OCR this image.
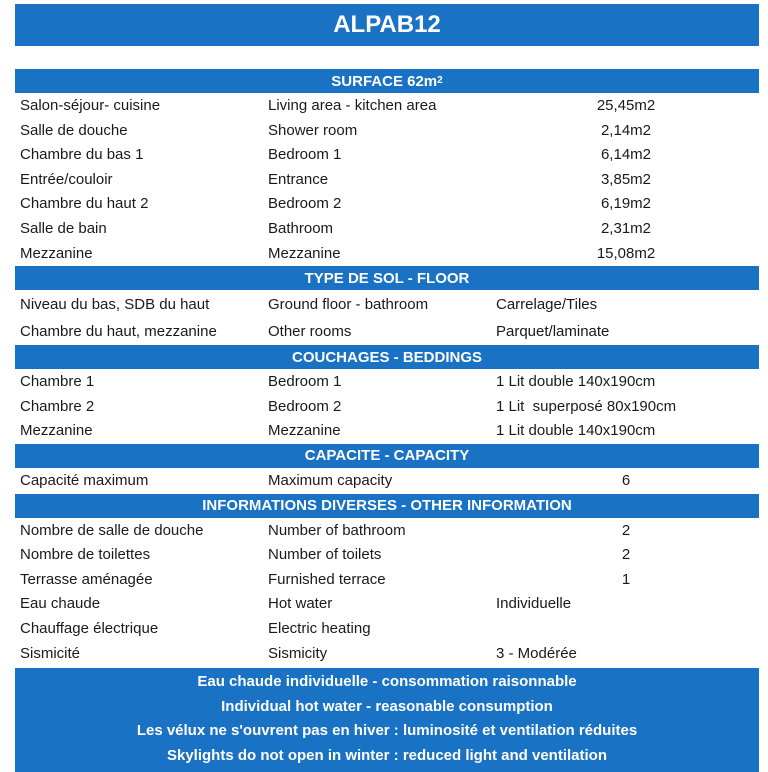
ALPAB12
SURFACE 62m 2
Salon-séjour- cuisine	Living area - kitchen area	25,45m2
Salle de douche	Shower room	2,14m2
Chambre du bas 1	Bedroom 1	6,14m2
Entrée/couloir	Entrance	3,85m2
Chambre du haut 2	Bedroom 2	6,19m2
Salle de bain	Bathroom	2,31m2
Mezzanine	Mezzanine	15,08m2
TYPE DE SOL - FLOOR
Niveau du bas, SDB du haut	Ground floor - bathroom	Carrelage/Tiles
Chambre du haut, mezzanine	Other rooms	Parquet/laminate
COUCHAGES - BEDDINGS
Chambre 1	Bedroom 1	1 Lit double 140x190cm
Chambre 2	Bedroom 2	1 Lit  superposé 80x190cm
Mezzanine	Mezzanine	1 Lit double 140x190cm
CAPACITE - CAPACITY
Capacité maximum	Maximum capacity	6
INFORMATIONS DIVERSES - OTHER INFORMATION
Nombre de salle de douche	Number of bathroom	2
Nombre de toilettes	Number of toilets	2
Terrasse aménagée	Furnished terrace	1
Eau chaude	Hot water	Individuelle
Chauffage électrique	Electric heating
Sismicité	Sismicity	3 - Modérée
Eau chaude individuelle - consommation raisonnable
Individual hot water - reasonable consumption
Les vélux ne s'ouvrent pas en hiver : luminosité et ventilation réduites
Skylights do not open in winter : reduced light and ventilation
